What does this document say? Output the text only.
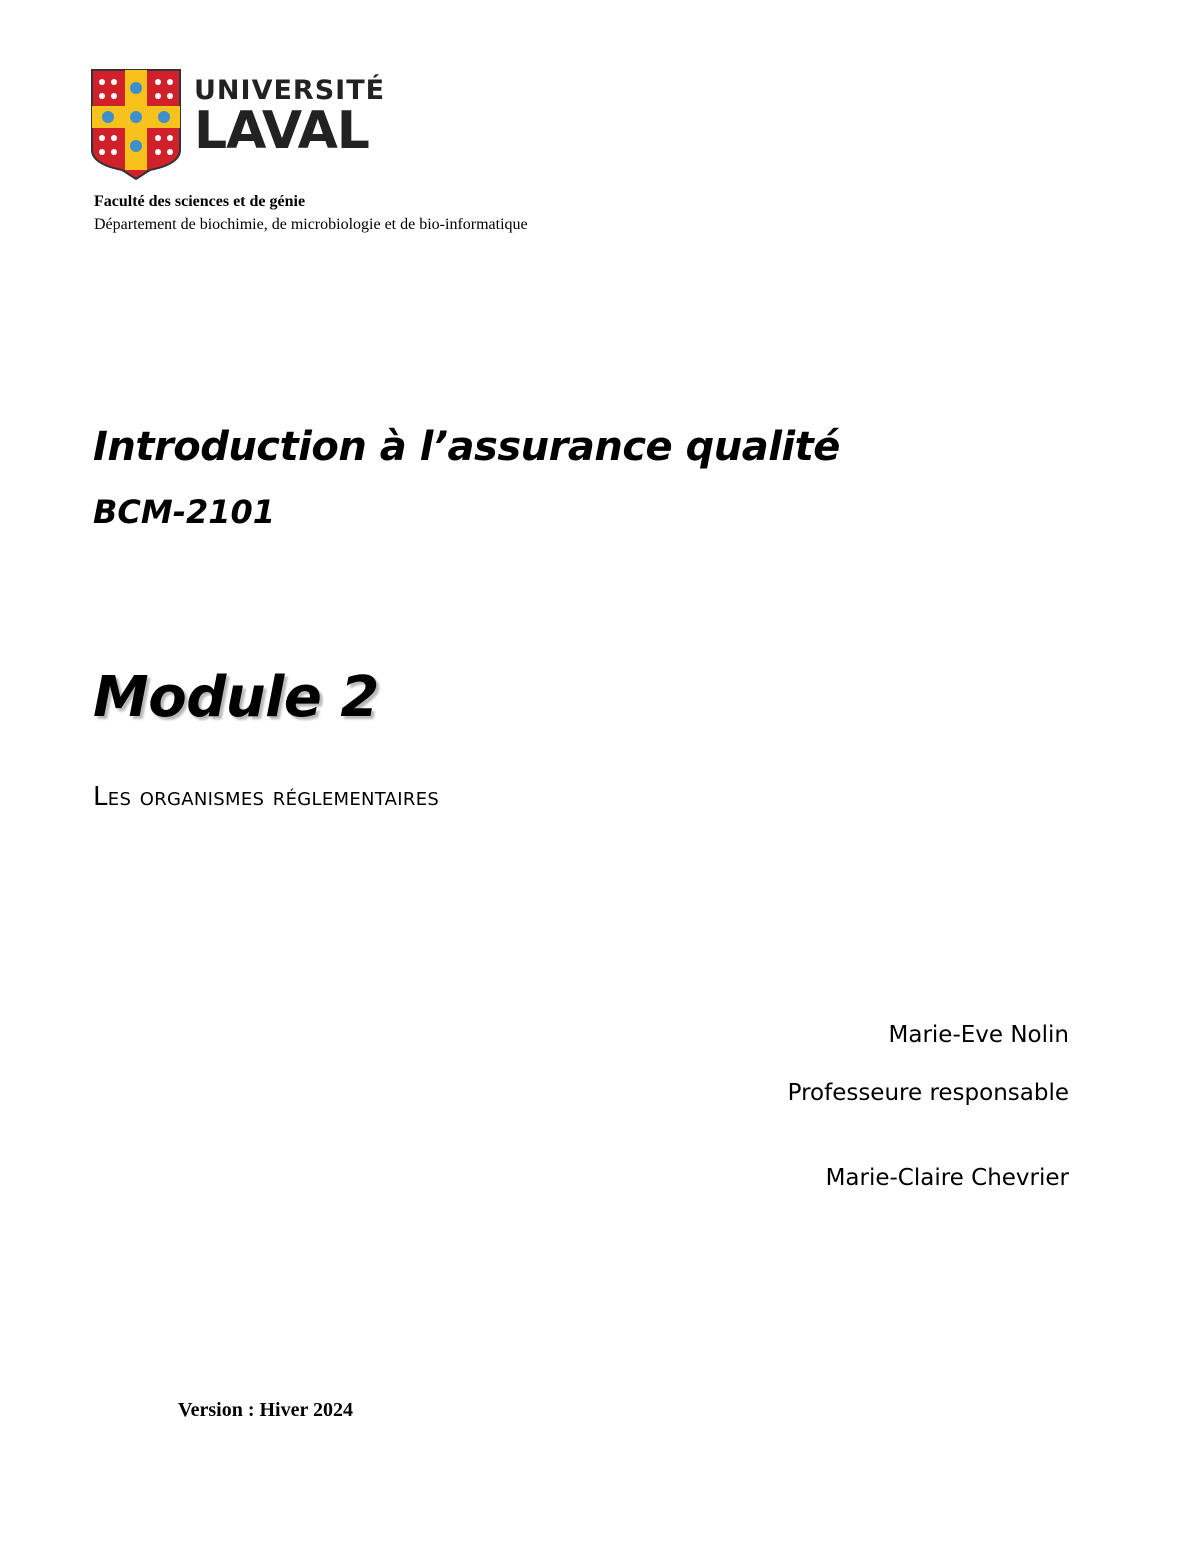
UNIVERSITÉ
LAVAL
Faculté des sciences et de génie
Département de biochimie, de microbiologie et de bio-informatique
Introduction à l’assurance qualité
BCM-2101
Module 2
Les organismes réglementaires
Marie-Eve Nolin
Professeure responsable
Marie-Claire Chevrier
Version : Hiver 2024
